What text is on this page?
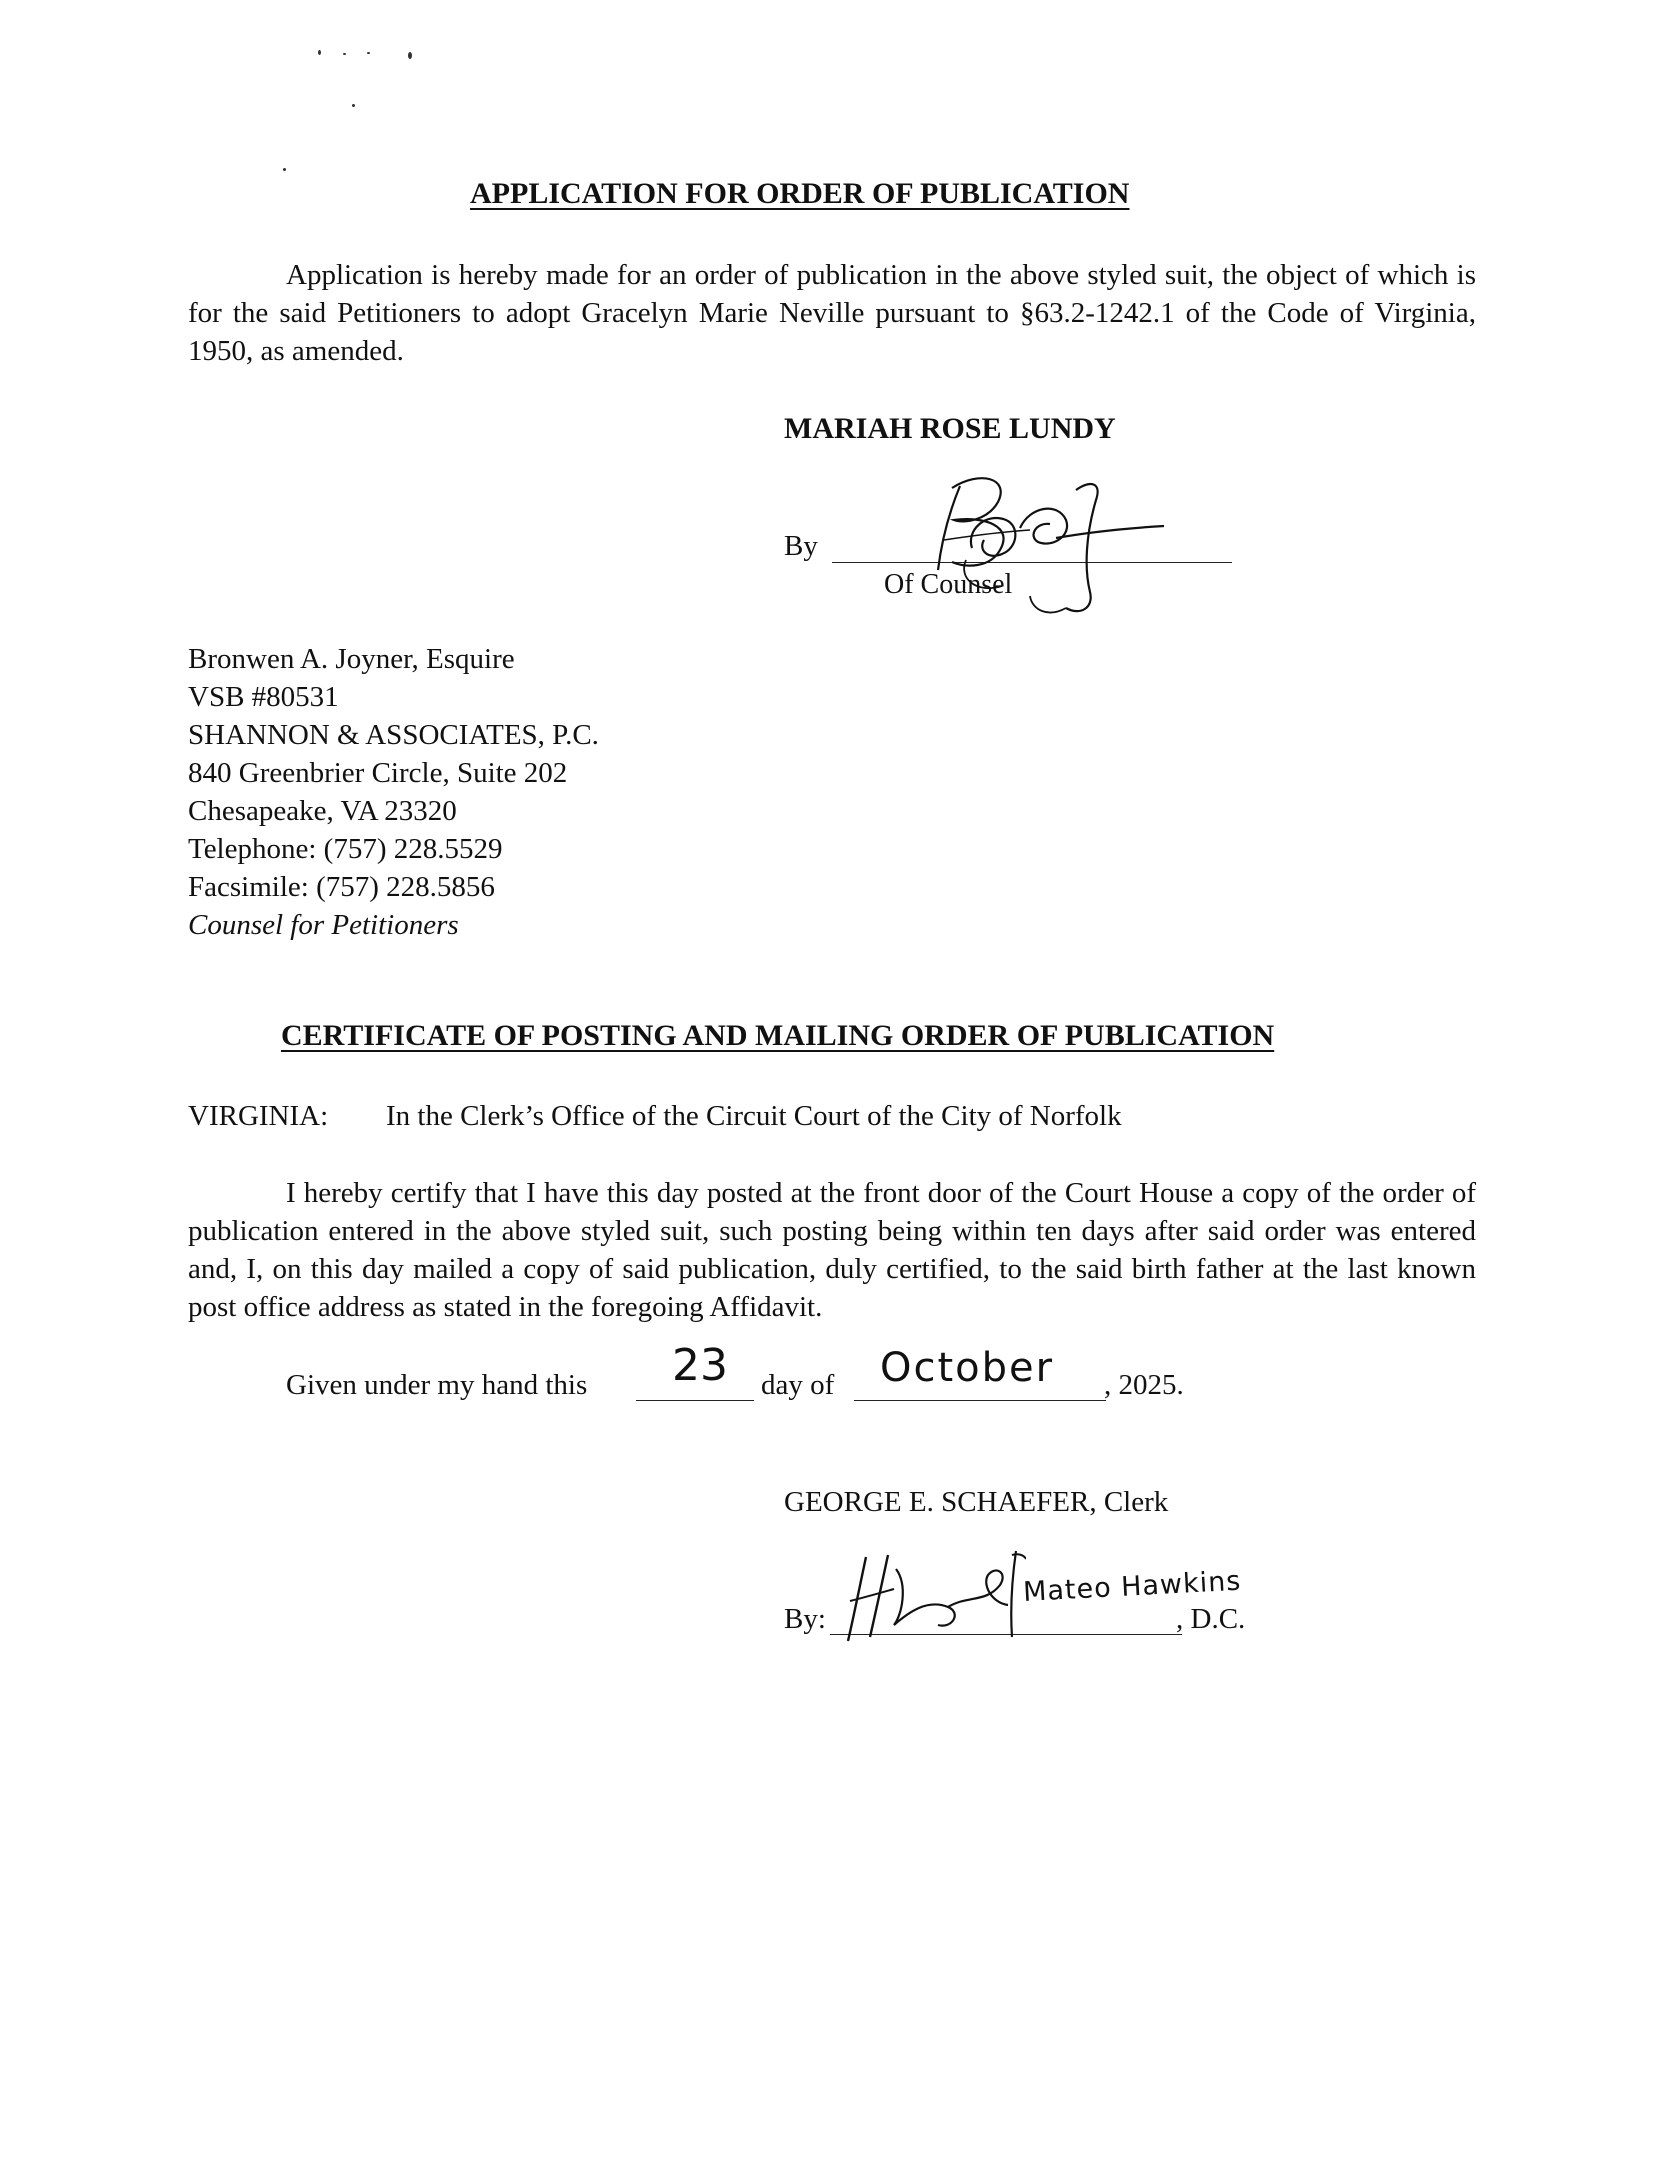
APPLICATION FOR ORDER OF PUBLICATION
Application is hereby made for an order of publication in the above styled suit, the object of which is for the said Petitioners to adopt Gracelyn Marie Neville pursuant to §63.2-1242.1 of the Code of Virginia, 1950, as amended.
MARIAH ROSE LUNDY
By
Of Counsel
Bronwen A. Joyner, Esquire
VSB #80531
SHANNON & ASSOCIATES, P.C.
840 Greenbrier Circle, Suite 202
Chesapeake, VA 23320
Telephone: (757) 228.5529
Facsimile: (757) 228.5856
Counsel for Petitioners
CERTIFICATE OF POSTING AND MAILING ORDER OF PUBLICATION
VIRGINIA: In the Clerk’s Office of the Circuit Court of the City of Norfolk
I hereby certify that I have this day posted at the front door of the Court House a copy of the order of publication entered in the above styled suit, such posting being within ten days after said order was entered and, I, on this day mailed a copy of said publication, duly certified, to the said birth father at the last known post office address as stated in the foregoing Affidavit.
Given under my hand this 23 day of October , 2025.
GEORGE E. SCHAEFER, Clerk
By:	, D.C.
Mateo Hawkins
